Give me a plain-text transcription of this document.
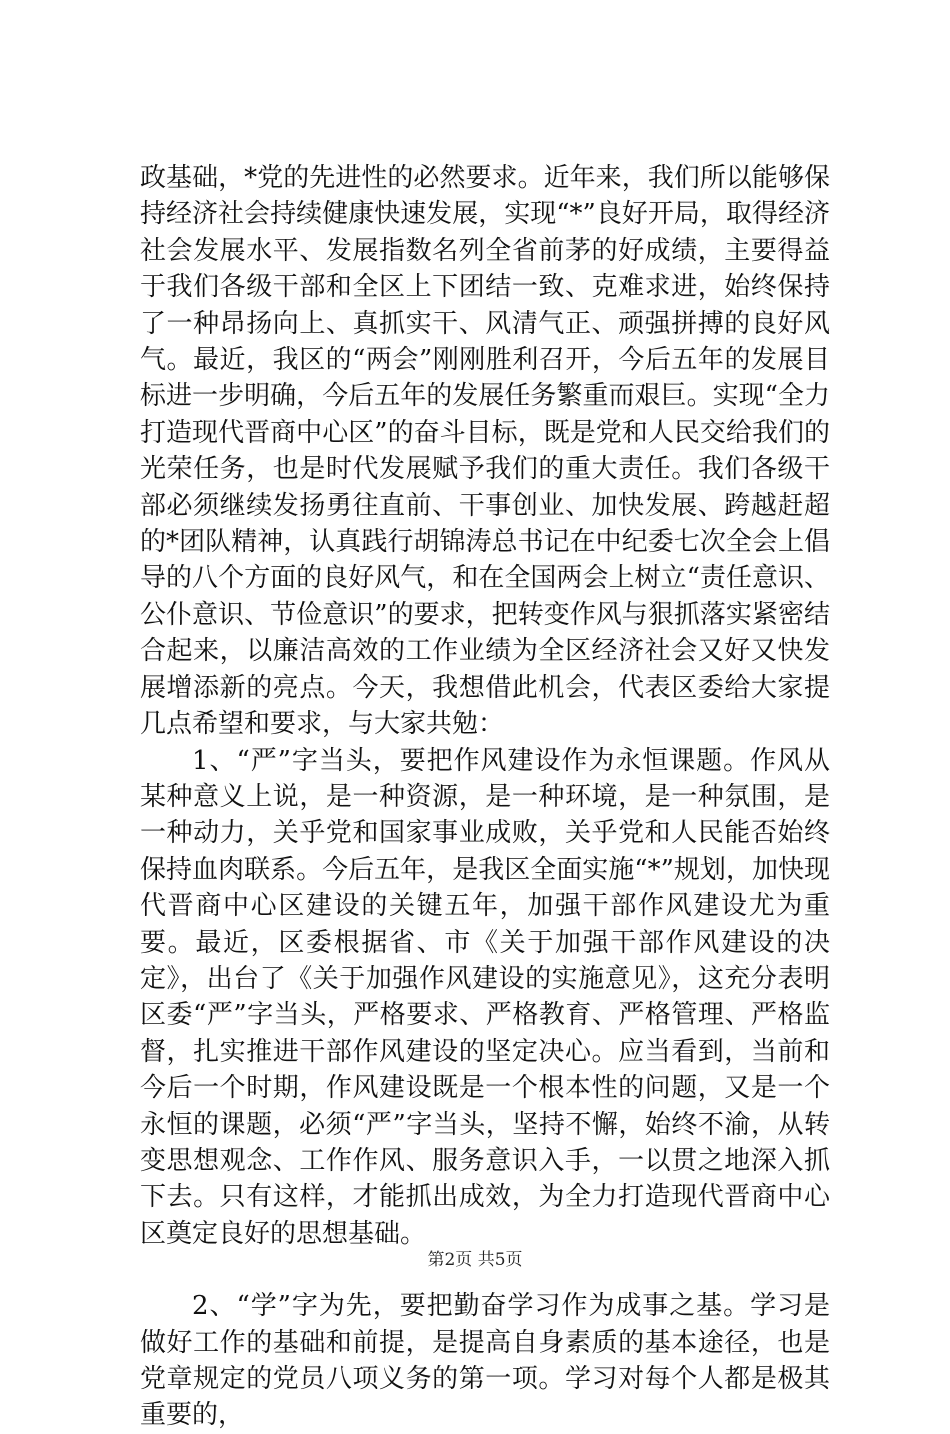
政基础，*党的先进性的必然要求。近年来，我们所以能够保持经济社会持续健康快速发展，实现“*”良好开局，取得经济社会发展水平、发展指数名列全省前茅的好成绩，主要得益于我们各级干部和全区上下团结一致、克难求进，始终保持了一种昂扬向上、真抓实干、风清气正、顽强拼搏的良好风气。最近，我区的“两会”刚刚胜利召开，今后五年的发展目标进一步明确，今后五年的发展任务繁重而艰巨。实现“全力打造现代晋商中心区”的奋斗目标，既是党和人民交给我们的光荣任务，也是时代发展赋予我们的重大责任。我们各级干部必须继续发扬勇往直前、干事创业、加快发展、跨越赶超的*团队精神，认真践行胡锦涛总书记在中纪委七次全会上倡导的八个方面的良好风气，和在全国两会上树立“责任意识、公仆意识、节俭意识”的要求，把转变作风与狠抓落实紧密结合起来，以廉洁高效的工作业绩为全区经济社会又好又快发展增添新的亮点。今天，我想借此机会，代表区委给大家提几点希望和要求，与大家共勉：

1、“严”字当头，要把作风建设作为永恒课题。作风从某种意义上说，是一种资源，是一种环境，是一种氛围，是一种动力，关乎党和国家事业成败，关乎党和人民能否始终保持血肉联系。今后五年，是我区全面实施“*”规划，加快现代晋商中心区建设的关键五年，加强干部作风建设尤为重要。最近，区委根据省、市《关于加强干部作风建设的决定》，出台了《关于加强作风建设的实施意见》，这充分表明区委“严”字当头，严格要求、严格教育、严格管理、严格监督，扎实推进干部作风建设的坚定决心。应当看到，当前和今后一个时期，作风建设既是一个根本性的问题，又是一个永恒的课题，必须“严”字当头，坚持不懈，始终不渝，从转变思想观念、工作作风、服务意识入手，一以贯之地深入抓下去。只有这样，才能抓出成效，为全力打造现代晋商中心区奠定良好的思想基础。

2、“学”字为先，要把勤奋学习作为成事之基。学习是做好工作的基础和前提，是提高自身素质的基本途径，也是党章规定的党员八项义务的第一项。学习对每个人都是极其重要的，

第2页 共5页
